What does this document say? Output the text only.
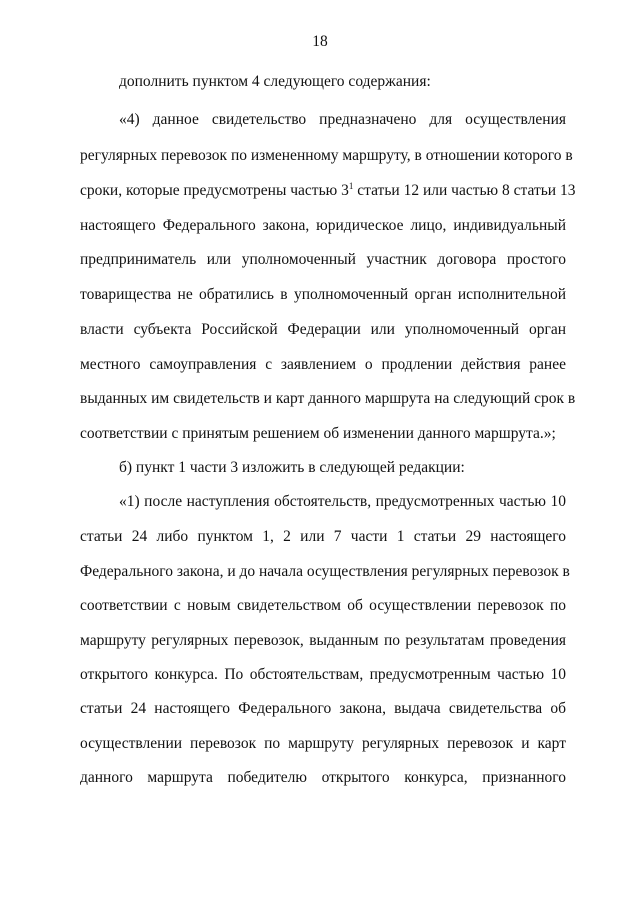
18
дополнить пунктом 4 следующего содержания:
«4) данное свидетельство предназначено для осуществления
регулярных перевозок по измененному маршруту, в отношении которого в
сроки, которые предусмотрены частью $3^1$ статьи 12 или частью 8 статьи 13
настоящего Федерального закона, юридическое лицо, индивидуальный
предприниматель или уполномоченный участник договора простого
товарищества не обратились в уполномоченный орган исполнительной
власти субъекта Российской Федерации или уполномоченный орган
местного самоуправления с заявлением о продлении действия ранее
выданных им свидетельств и карт данного маршрута на следующий срок в
соответствии с принятым решением об изменении данного маршрута.»;
б) пункт 1 части 3 изложить в следующей редакции:
«1) после наступления обстоятельств, предусмотренных частью 10
статьи 24 либо пунктом 1, 2 или 7 части 1 статьи 29 настоящего
Федерального закона, и до начала осуществления регулярных перевозок в
соответствии с новым свидетельством об осуществлении перевозок по
маршруту регулярных перевозок, выданным по результатам проведения
открытого конкурса. По обстоятельствам, предусмотренным частью 10
статьи 24 настоящего Федерального закона, выдача свидетельства об
осуществлении перевозок по маршруту регулярных перевозок и карт
данного маршрута победителю открытого конкурса, признанного
